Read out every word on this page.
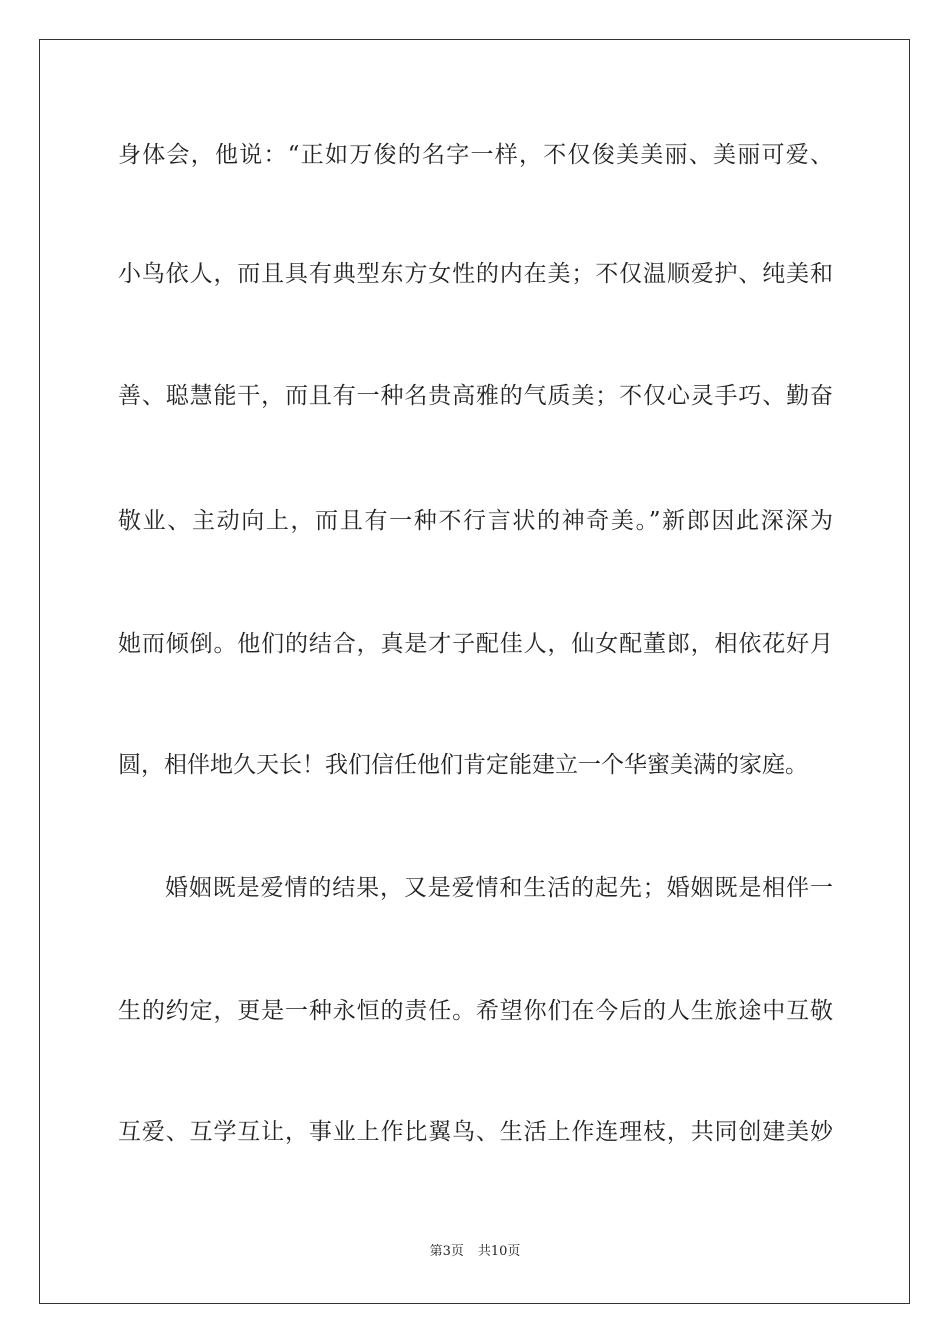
身体会，他说：“正如万俊的名字一样，不仅俊美美丽、美丽可爱、
小鸟依人，而且具有典型东方女性的内在美；不仅温顺爱护、纯美和
善、聪慧能干，而且有一种名贵高雅的气质美；不仅心灵手巧、勤奋
敬业、主动向上，而且有一种不行言状的神奇美。”新郎因此深深为
她而倾倒。他们的结合，真是才子配佳人，仙女配董郎，相依花好月
圆，相伴地久天长！我们信任他们肯定能建立一个华蜜美满的家庭。
婚姻既是爱情的结果，又是爱情和生活的起先；婚姻既是相伴一
生的约定，更是一种永恒的责任。希望你们在今后的人生旅途中互敬
互爱、互学互让，事业上作比翼鸟、生活上作连理枝，共同创建美妙
第3页 共10页
